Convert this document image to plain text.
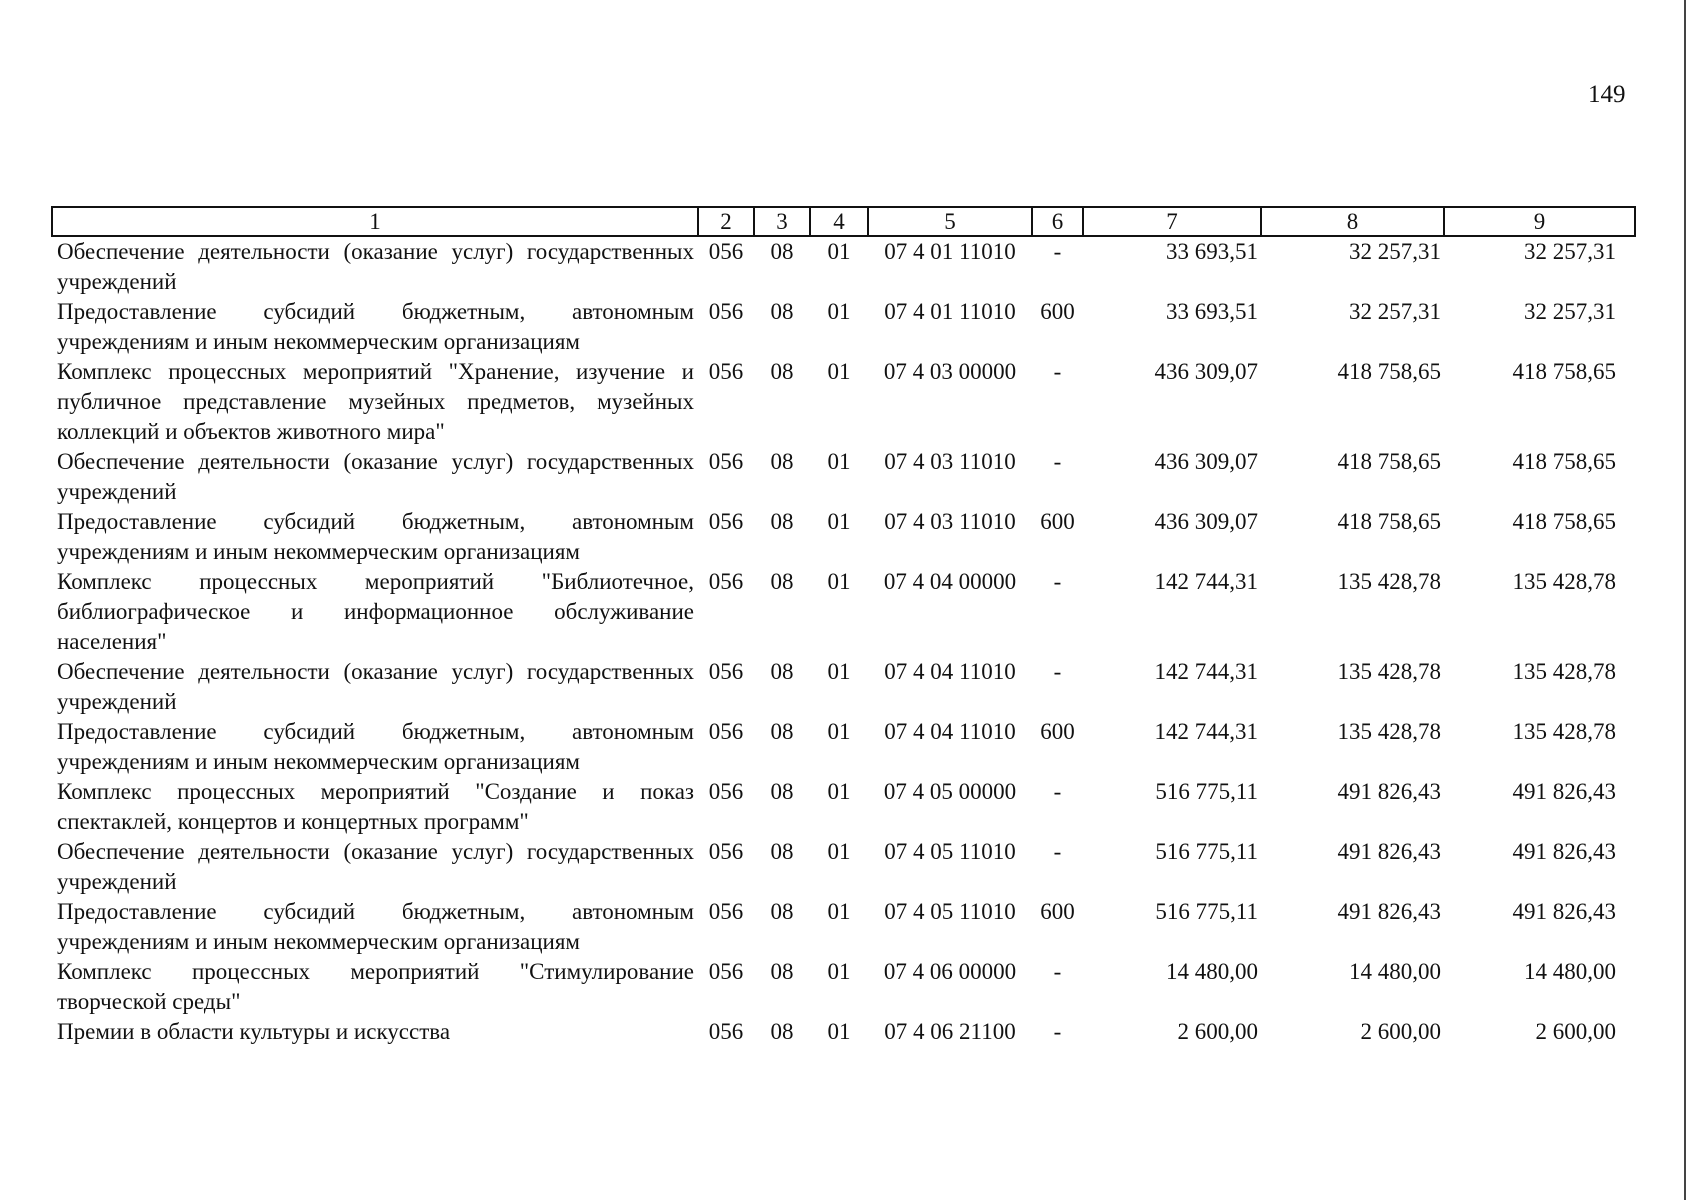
149
1	2	3	4	5	6	7	8	9
Обеспечение деятельности (оказание услуг) государственных учреждений	056	08	01	07 4 01 11010	-	33 693,51	32 257,31	32 257,31
Предоставление субсидий бюджетным, автономным учреждениям и иным некоммерческим организациям	056	08	01	07 4 01 11010	600	33 693,51	32 257,31	32 257,31
Комплекс процессных мероприятий "Хранение, изучение и публичное представление музейных предметов, музейных коллекций и объектов животного мира"	056	08	01	07 4 03 00000	-	436 309,07	418 758,65	418 758,65
Обеспечение деятельности (оказание услуг) государственных учреждений	056	08	01	07 4 03 11010	-	436 309,07	418 758,65	418 758,65
Предоставление субсидий бюджетным, автономным учреждениям и иным некоммерческим организациям	056	08	01	07 4 03 11010	600	436 309,07	418 758,65	418 758,65
Комплекс процессных мероприятий "Библиотечное, библиографическое и информационное обслуживание населения"	056	08	01	07 4 04 00000	-	142 744,31	135 428,78	135 428,78
Обеспечение деятельности (оказание услуг) государственных учреждений	056	08	01	07 4 04 11010	-	142 744,31	135 428,78	135 428,78
Предоставление субсидий бюджетным, автономным учреждениям и иным некоммерческим организациям	056	08	01	07 4 04 11010	600	142 744,31	135 428,78	135 428,78
Комплекс процессных мероприятий "Создание и показ спектаклей, концертов и концертных программ"	056	08	01	07 4 05 00000	-	516 775,11	491 826,43	491 826,43
Обеспечение деятельности (оказание услуг) государственных учреждений	056	08	01	07 4 05 11010	-	516 775,11	491 826,43	491 826,43
Предоставление субсидий бюджетным, автономным учреждениям и иным некоммерческим организациям	056	08	01	07 4 05 11010	600	516 775,11	491 826,43	491 826,43
Комплекс процессных мероприятий "Стимулирование творческой среды"	056	08	01	07 4 06 00000	-	14 480,00	14 480,00	14 480,00
Премии в области культуры и искусства	056	08	01	07 4 06 21100	-	2 600,00	2 600,00	2 600,00
